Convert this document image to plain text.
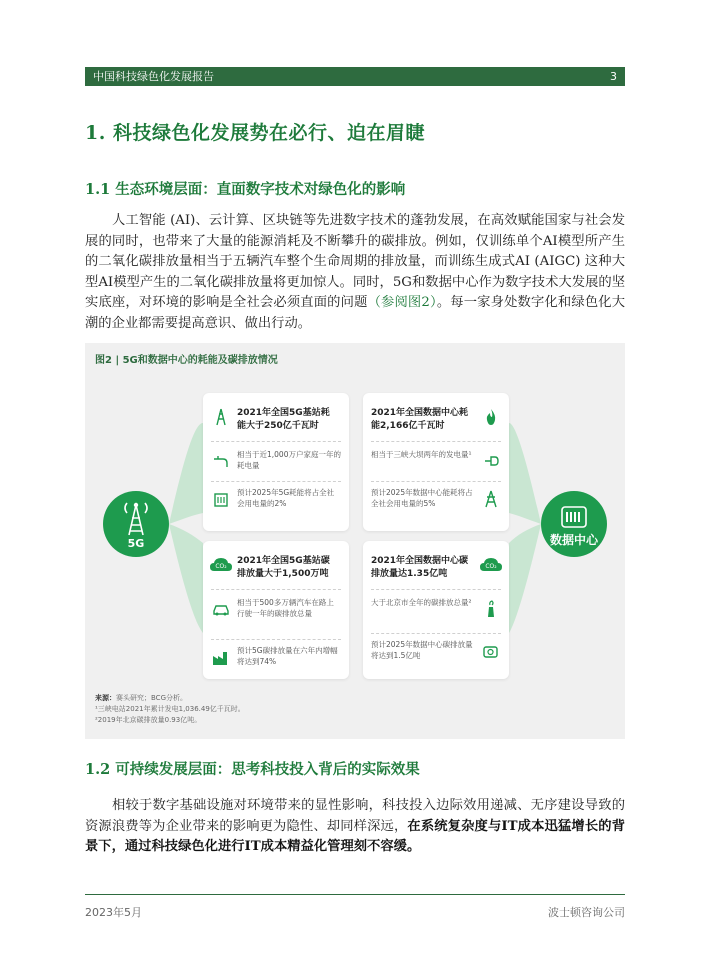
中国科技绿色化发展报告	3
1. 科技绿色化发展势在必行、迫在眉睫
1.1 生态环境层面：直面数字技术对绿色化的影响
人工智能 (AI)、云计算、区块链等先进数字技术的蓬勃发展，在高效赋能国家与社会发展的同时，也带来了大量的能源消耗及不断攀升的碳排放。例如，仅训练单个AI模型所产生的二氧化碳排放量相当于五辆汽车整个生命周期的排放量，而训练生成式AI (AIGC) 这种大型AI模型产生的二氧化碳排放量将更加惊人。同时，5G和数据中心作为数字技术大发展的坚实底座，对环境的影响是全社会必须直面的问题（参阅图2）。每一家身处数字化和绿色化大潮的企业都需要提高意识、做出行动。
图2 | 5G和数据中心的耗能及碳排放情况
5G	数据中心
2021年全国5G基站耗能大于250亿千瓦时
相当于近1,000万户家庭一年的耗电量
预计2025年5G耗能将占全社会用电量的2%
2021年全国数据中心耗能2,166亿千瓦时
相当于三峡大坝两年的发电量¹
预计2025年数据中心能耗将占全社会用电量的5%
CO₂
2021年全国5G基站碳排放量大于1,500万吨
相当于500多万辆汽车在路上行驶一年的碳排放总量
预计5G碳排放量在六年内增幅将达到74%
CO₂
2021年全国数据中心碳排放量达1.35亿吨
大于北京市全年的碳排放总量²
预计2025年数据中心碳排放量将达到1.5亿吨
来源：赛头研究；BCG分析。
¹三峡电站2021年累计发电1,036.49亿千瓦时。
²2019年北京碳排放量0.93亿吨。
1.2 可持续发展层面：思考科技投入背后的实际效果
相较于数字基础设施对环境带来的显性影响，科技投入边际效用递减、无序建设导致的资源浪费等为企业带来的影响更为隐性、却同样深远，在系统复杂度与IT成本迅猛增长的背景下，通过科技绿色化进行IT成本精益化管理刻不容缓。
2023年5月	波士顿咨询公司
